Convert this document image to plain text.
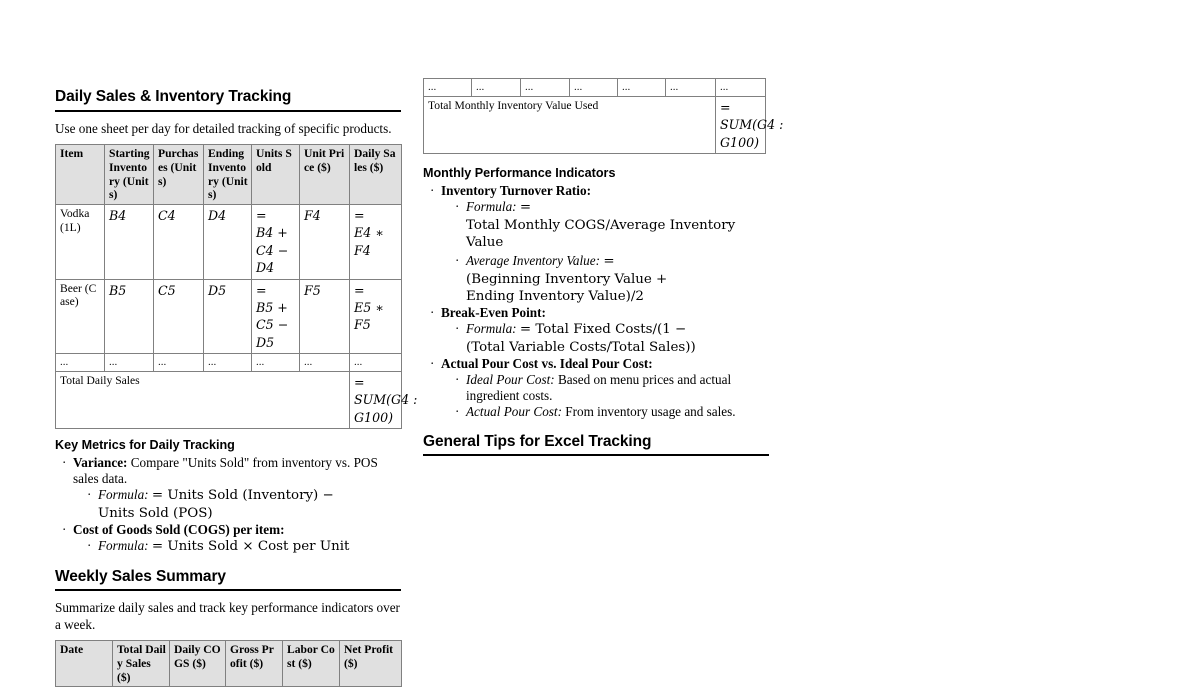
Daily Sales & Inventory Tracking

Use one sheet per day for detailed tracking of specific products.

Item	Starting Inventory (Units)	Purchases (Units)	Ending Inventory (Units)	Units Sold	Unit Price ($)	Daily Sales ($)
Vodka (1L)	B4	C4	D4	=
B4 +
C4 −
D4	F4	=
E4 ∗
F4

Beer (Case)	B5	C5	D5	=
B5 +
C5 −
D5	F5	=
E5 ∗
F5

...	...	...	...	...	...	...
Total Daily Sales						=
SUM(G4 :
G100)
Key Metrics for Daily Tracking
· Variance: Compare "Units Sold" from inventory vs. POS sales data.
· Formula: = Units Sold (Inventory) −
Units Sold (POS)
· Cost of Goods Sold (COGS) per item:
· Formula: = Units Sold × Cost per Unit
Weekly Sales Summary

Summarize daily sales and track key performance indicators over a week.

Date	Total Daily Sales ($)	Daily COGS ($)	Gross Profit ($)	Labor Cost ($)	Net Profit ($)
...	...	...	...	...	...	...
Total Monthly Inventory Value Used						=
SUM(G4 :
G100)
Monthly Performance Indicators
· Inventory Turnover Ratio:
· Formula: =
Total Monthly COGS/Average Inventory Value
· Average Inventory Value: =
(Beginning Inventory Value +
Ending Inventory Value)/2
· Break-Even Point:
· Formula: = Total Fixed Costs/(1 −
(Total Variable Costs/Total Sales))
· Actual Pour Cost vs. Ideal Pour Cost:
· Ideal Pour Cost: Based on menu prices and actual ingredient costs.
· Actual Pour Cost: From inventory usage and sales.
General Tips for Excel Tracking
